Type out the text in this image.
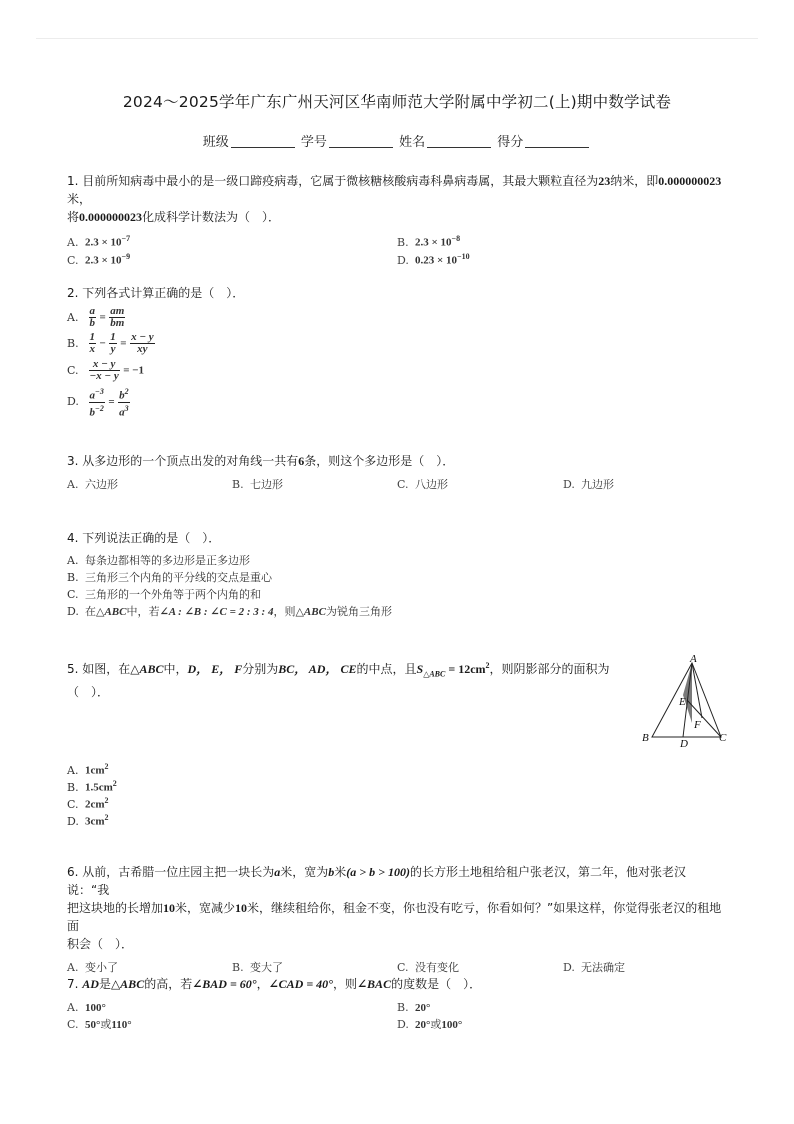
2024～2025学年广东广州天河区华南师范大学附属中学初二(上)期中数学试卷
班级	学号	姓名	得分
1. 目前所知病毒中最小的是一级口蹄疫病毒，它属于微核糖核酸病毒科鼻病毒属，其最大颗粒直径为23纳米，即0.000000023米，
将0.000000023化成科学计数法为（　）．
A. $2.3 \times 10^{-7}$	B. $2.3 \times 10^{-8}$
C. $2.3 \times 10^{-9}$	D. $0.23 \times 10^{-10}$
2. 下列各式计算正确的是（　）．
A. $\frac{a}{b} = \frac{am}{bm}$
B. $\frac{1}{x} - \frac{1}{y} = \frac{x - y}{xy}$
C. $\frac{x - y}{-x - y} = -1$
D. $\frac{a^{-3}}{b^{-2}} = \frac{b^2}{a^3}$
3. 从多边形的一个顶点出发的对角线一共有6条，则这个多边形是（　）．
A. 六边形	B. 七边形	C. 八边形	D. 九边形
4. 下列说法正确的是（　）．
A. 每条边都相等的多边形是正多边形
B. 三角形三个内角的平分线的交点是重心
C. 三角形的一个外角等于两个内角的和
D. 在△ABC中，若∠A : ∠B : ∠C = 2 : 3 : 4，则△ABC为锐角三角形
5. 如图，在△ABC中，D， E， F分别为BC， AD， CE的中点，且$S_{\triangle ABC} = 12cm^2$，则阴影部分的面积为
（　）．
A. $1cm^2$
B. $1.5cm^2$
C. $2cm^2$
D. $3cm^2$
A
B	C
D
E
F
6. 从前，古希腊一位庄园主把一块长为a米，宽为b米(a > b > 100)的长方形土地租给租户张老汉，第二年，他对张老汉说：“我
把这块地的长增加10米，宽减少10米，继续租给你，租金不变，你也没有吃亏，你看如何？”如果这样，你觉得张老汉的租地面
积会（　）．
A. 变小了	B. 变大了	C. 没有变化	D. 无法确定
7. AD是△ABC的高，若∠BAD = 60°，∠CAD = 40°，则∠BAC的度数是（　）．
A. 100°	B. 20°
C. 50°或110°	D. 20°或100°
